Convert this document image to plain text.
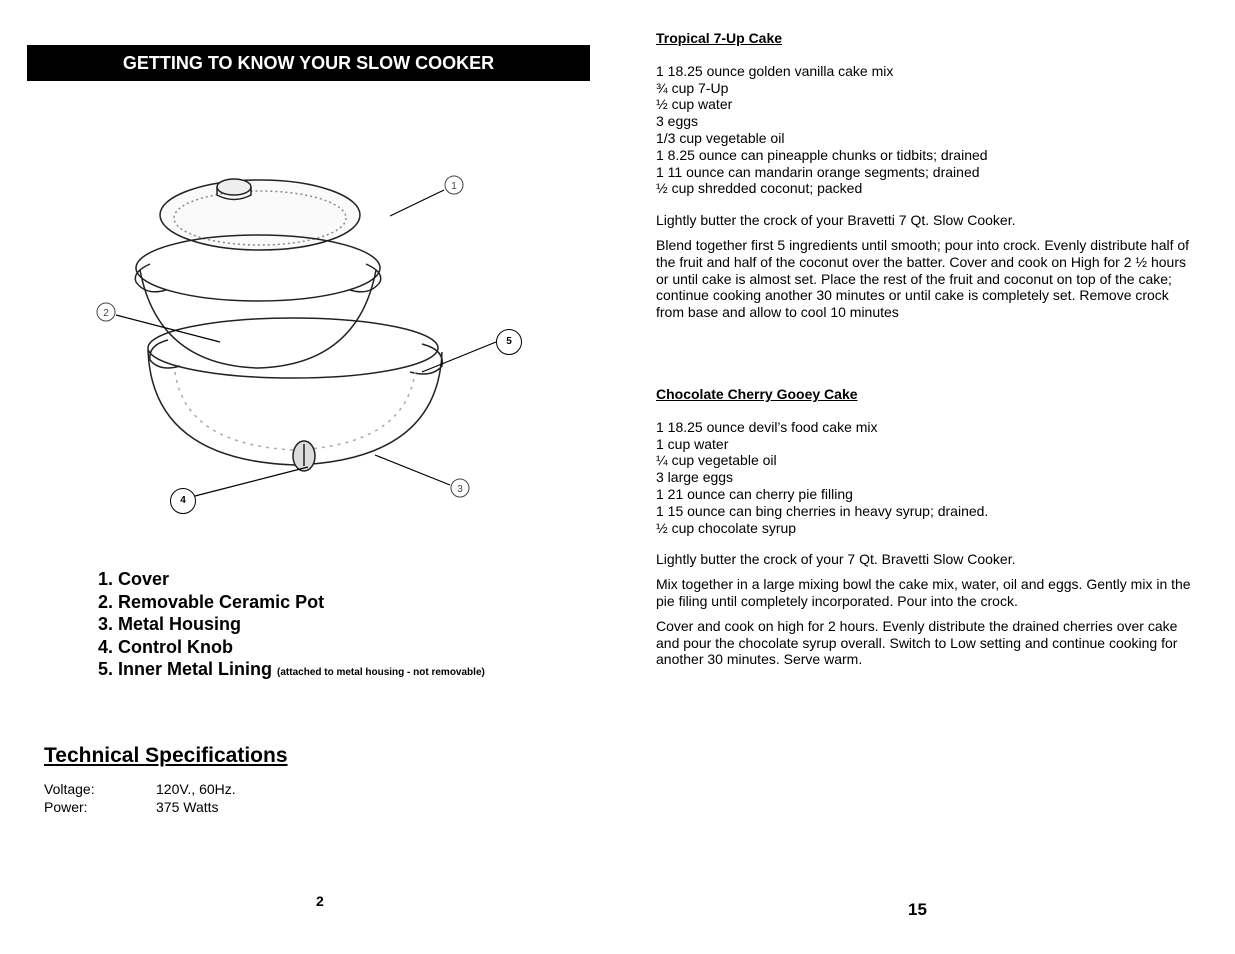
GETTING TO KNOW YOUR SLOW COOKER
1
2
3
5
4
1. Cover
2. Removable Ceramic Pot
3. Metal Housing
4. Control Knob
5. Inner Metal Lining (attached to metal housing - not removable)
Technical Specifications
Voltage:	120V., 60Hz.
Power:	375 Watts
2
Tropical 7-Up Cake
1 18.25 ounce golden vanilla cake mix
¾ cup 7-Up
½ cup water
3 eggs
1/3 cup vegetable oil
1 8.25 ounce can pineapple chunks or tidbits; drained
1 11 ounce can mandarin orange segments; drained
½ cup shredded coconut; packed
Lightly butter the crock of your Bravetti 7 Qt. Slow Cooker.
Blend together first 5 ingredients until smooth; pour into crock. Evenly distribute half of the fruit and half of the coconut over the batter. Cover and cook on High for 2 ½ hours or until cake is almost set. Place the rest of the fruit and coconut on top of the cake; continue cooking another 30 minutes or until cake is completely set. Remove crock from base and allow to cool 10 minutes
Chocolate Cherry Gooey Cake
1 18.25 ounce devil’s food cake mix
1 cup water
¼ cup vegetable oil
3 large eggs
1 21 ounce can cherry pie filling
1 15 ounce can bing cherries in heavy syrup; drained.
½ cup chocolate syrup
Lightly butter the crock of your 7 Qt. Bravetti Slow Cooker.
Mix together in a large mixing bowl the cake mix, water, oil and eggs. Gently mix in the pie filing until completely incorporated. Pour into the crock.
Cover and cook on high for 2 hours. Evenly distribute the drained cherries over cake and pour the chocolate syrup overall. Switch to Low setting and continue cooking for another 30 minutes. Serve warm.
15
